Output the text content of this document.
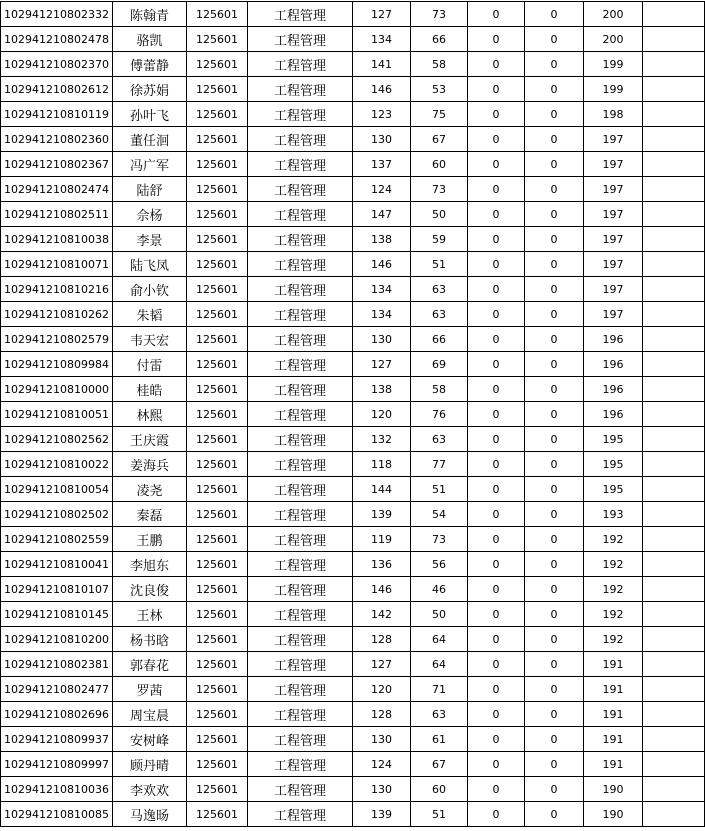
102941210802332	陈翰青	125601	工程管理	127	73	0	0	200	
102941210802478	骆凯	125601	工程管理	134	66	0	0	200	
102941210802370	傅蕾静	125601	工程管理	141	58	0	0	199	
102941210802612	徐苏娟	125601	工程管理	146	53	0	0	199	
102941210810119	孙叶飞	125601	工程管理	123	75	0	0	198	
102941210802360	董任洄	125601	工程管理	130	67	0	0	197	
102941210802367	冯广军	125601	工程管理	137	60	0	0	197	
102941210802474	陆舒	125601	工程管理	124	73	0	0	197	
102941210802511	佘杨	125601	工程管理	147	50	0	0	197	
102941210810038	李景	125601	工程管理	138	59	0	0	197	
102941210810071	陆飞凤	125601	工程管理	146	51	0	0	197	
102941210810216	俞小钦	125601	工程管理	134	63	0	0	197	
102941210810262	朱韬	125601	工程管理	134	63	0	0	197	
102941210802579	韦天宏	125601	工程管理	130	66	0	0	196	
102941210809984	付雷	125601	工程管理	127	69	0	0	196	
102941210810000	桂皓	125601	工程管理	138	58	0	0	196	
102941210810051	林熙	125601	工程管理	120	76	0	0	196	
102941210802562	王庆霞	125601	工程管理	132	63	0	0	195	
102941210810022	姜海兵	125601	工程管理	118	77	0	0	195	
102941210810054	凌尧	125601	工程管理	144	51	0	0	195	
102941210802502	秦磊	125601	工程管理	139	54	0	0	193	
102941210802559	王鹏	125601	工程管理	119	73	0	0	192	
102941210810041	李旭东	125601	工程管理	136	56	0	0	192	
102941210810107	沈良俊	125601	工程管理	146	46	0	0	192	
102941210810145	王林	125601	工程管理	142	50	0	0	192	
102941210810200	杨书晗	125601	工程管理	128	64	0	0	192	
102941210802381	郭春花	125601	工程管理	127	64	0	0	191	
102941210802477	罗茜	125601	工程管理	120	71	0	0	191	
102941210802696	周宝晨	125601	工程管理	128	63	0	0	191	
102941210809937	安树峰	125601	工程管理	130	61	0	0	191	
102941210809997	顾丹晴	125601	工程管理	124	67	0	0	191	
102941210810036	李欢欢	125601	工程管理	130	60	0	0	190	
102941210810085	马逸旸	125601	工程管理	139	51	0	0	190	
